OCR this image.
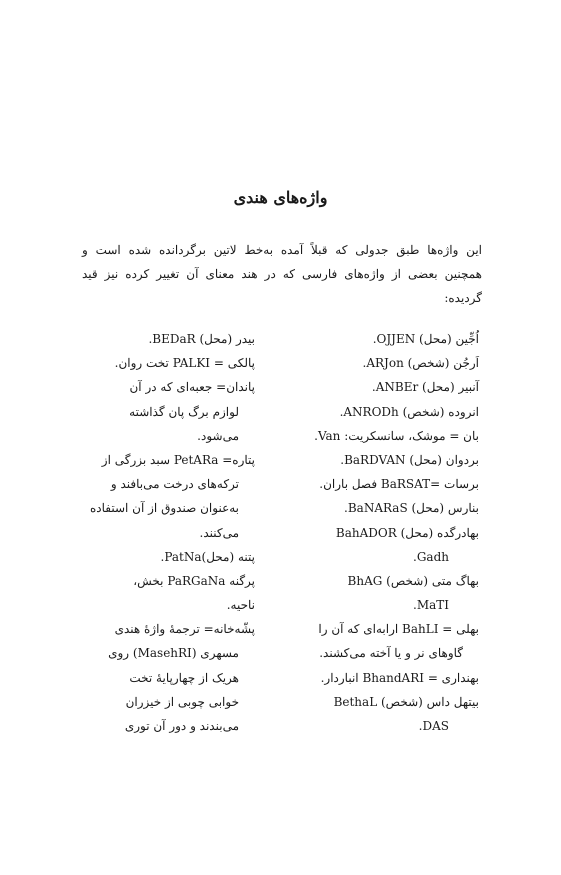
واژه‌های هندی
این واژه‌ها طبق جدولی که قبلاً آمده به‌خط لاتین برگردانده شده است و
همچنین بعضی از واژه‌های فارسی که در هند معنای آن تغییر کرده نیز قید
گردیده:
اُجِّین (محل) OJJEN.
اَرجُن (شخص) ARJon.
آنبیر (محل) ANBEr.
انروده (شخص) ANRODh.
بان = موشک، سانسکریت: Van.
بردوان (محل) BaRDVAN.
برسات =BaRSAT فصل باران.
بنارس (محل) BaNARaS.
بهادرگده (محل) BahADOR
Gadh.
بهاگ متی (شخص) BhAG
MaTI.
بهلی = BahLI ارابه‌ای که آن را
گاوهای نر و یا آخته می‌کشند.
بهنداری = BhandARI انباردار.
بیتهل داس (شخص) BethaL
DAS.
بیدر (محل) BEDaR.
پالکی = PALKI تخت روان.
پاندان= جعبه‌ای که در آن
لوازم برگ پان گذاشته
می‌شود.
پتاره= PetARa سبد بزرگی از
ترکه‌های درخت می‌بافند و
به‌عنوان صندوق از آن استفاده
می‌کنند.
پتنه (محل)PatNa.
پرگنه PaRGaNa بخش،
ناحیه.
پشّه‌خانه= ترجمهٔ واژهٔ هندی
مسهری (MasehRI) روی
هریک از چهارپایهٔ تخت
خوابی چوبی از خیزران
می‌بندند و دور آن توری
